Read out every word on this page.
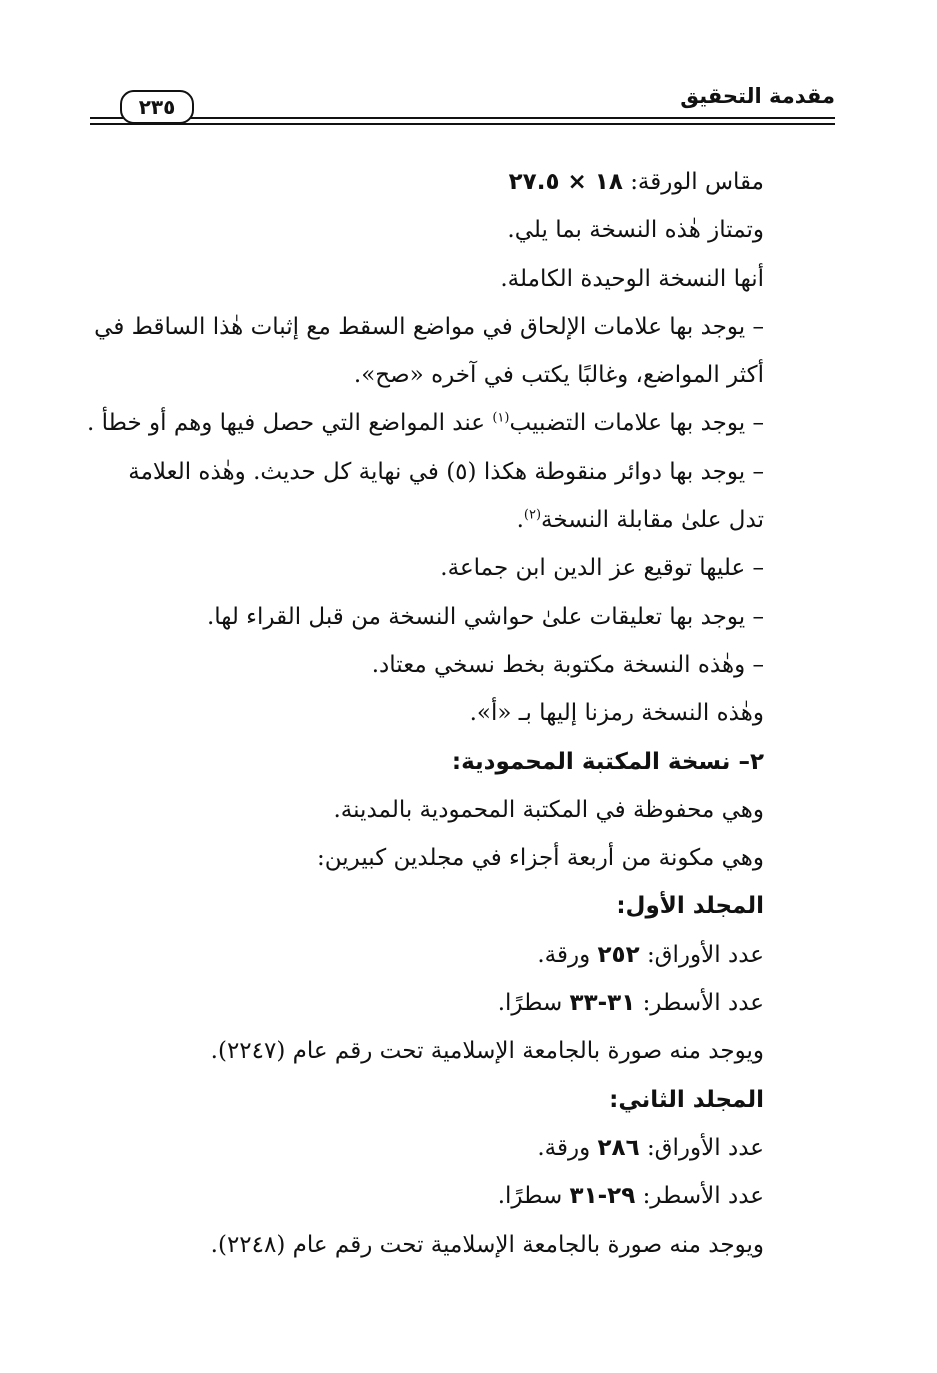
٢٣٥	مقدمة التحقيق
مقاس الورقة: ١٨ × ٢٧.٥
وتمتاز هٰذه النسخة بما يلي.
أنها النسخة الوحيدة الكاملة.
– يوجد بها علامات الإلحاق في مواضع السقط مع إثبات هٰذا الساقط في أكثر المواضع، وغالبًا يكتب في آخره «صح».
– يوجد بها علامات التضبيب$^{(١)}$ عند المواضع التي حصل فيها وهم أو خطأ .
– يوجد بها دوائر منقوطة هكذا (٥) في نهاية كل حديث. وهٰذه العلامة تدل علىٰ مقابلة النسخة$^{(٢)}$.
– عليها توقيع عز الدين ابن جماعة.
– يوجد بها تعليقات علىٰ حواشي النسخة من قبل القراء لها.
– وهٰذه النسخة مكتوبة بخط نسخي معتاد.
وهٰذه النسخة رمزنا إليها بـ «أ».
٢– نسخة المكتبة المحمودية:
وهي محفوظة في المكتبة المحمودية بالمدينة.
وهي مكونة من أربعة أجزاء في مجلدين كبيرين:
المجلد الأول:
عدد الأوراق: ٢٥٢ ورقة.
عدد الأسطر: ٣١-٣٣ سطرًا.
ويوجد منه صورة بالجامعة الإسلامية تحت رقم عام (٢٢٤٧).
المجلد الثاني:
عدد الأوراق: ٢٨٦ ورقة.
عدد الأسطر: ٢٩-٣١ سطرًا.
ويوجد منه صورة بالجامعة الإسلامية تحت رقم عام (٢٢٤٨).
